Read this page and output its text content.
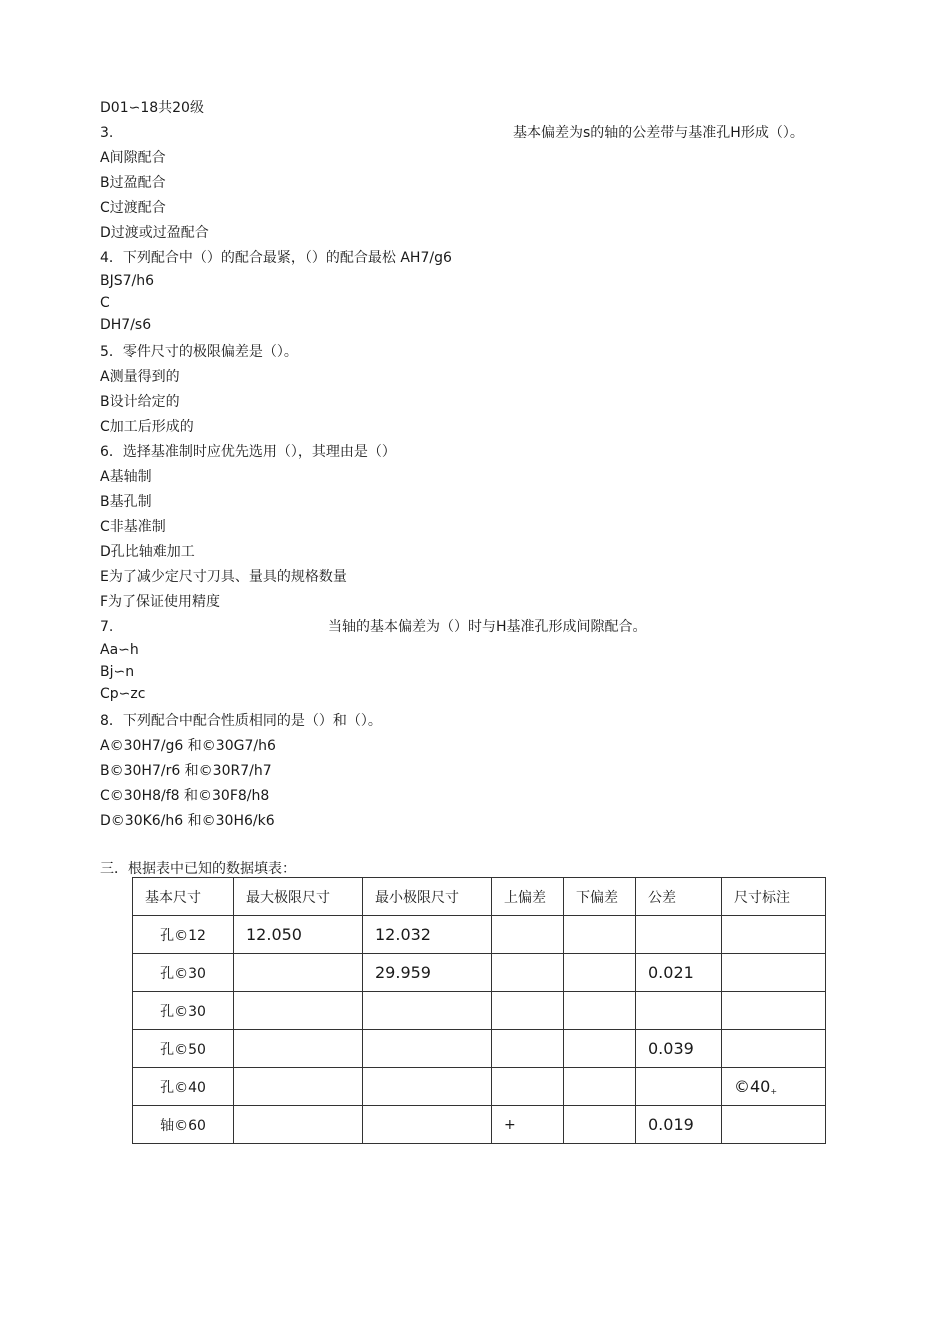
D01∽18共20级
3.	基本偏差为s的轴的公差带与基准孔H形成（）。
A间隙配合
B过盈配合
C过渡配合
D过渡或过盈配合
4．下列配合中（）的配合最紧，（）的配合最松 AH7/g6
BJS7/h6
C
DH7/s6
5．零件尺寸的极限偏差是（）。
A测量得到的
B设计给定的
C加工后形成的
6．选择基准制时应优先选用（），其理由是（）
A基轴制
B基孔制
C非基准制
D孔比轴难加工
E为了减少定尺寸刀具、量具的规格数量
F为了保证使用精度
7.	当轴的基本偏差为（）时与H基准孔形成间隙配合。
Aa∽h
Bj∽n
Cp∽zc
8．下列配合中配合性质相同的是（）和（）。
A©30H7/g6 和©30G7/h6
B©30H7/r6 和©30R7/h7
C©30H8/f8 和©30F8/h8
D©30K6/h6 和©30H6/k6
三．根据表中已知的数据填表：
基本尺寸	最大极限尺寸	最小极限尺寸	上偏差	下偏差	公差	尺寸标注
孔©12	12.050	12.032				
孔©30		29.959			0.021	
孔©30						
孔©50					0.039	
孔©40						$©40_+$
轴©60			+		0.019	
